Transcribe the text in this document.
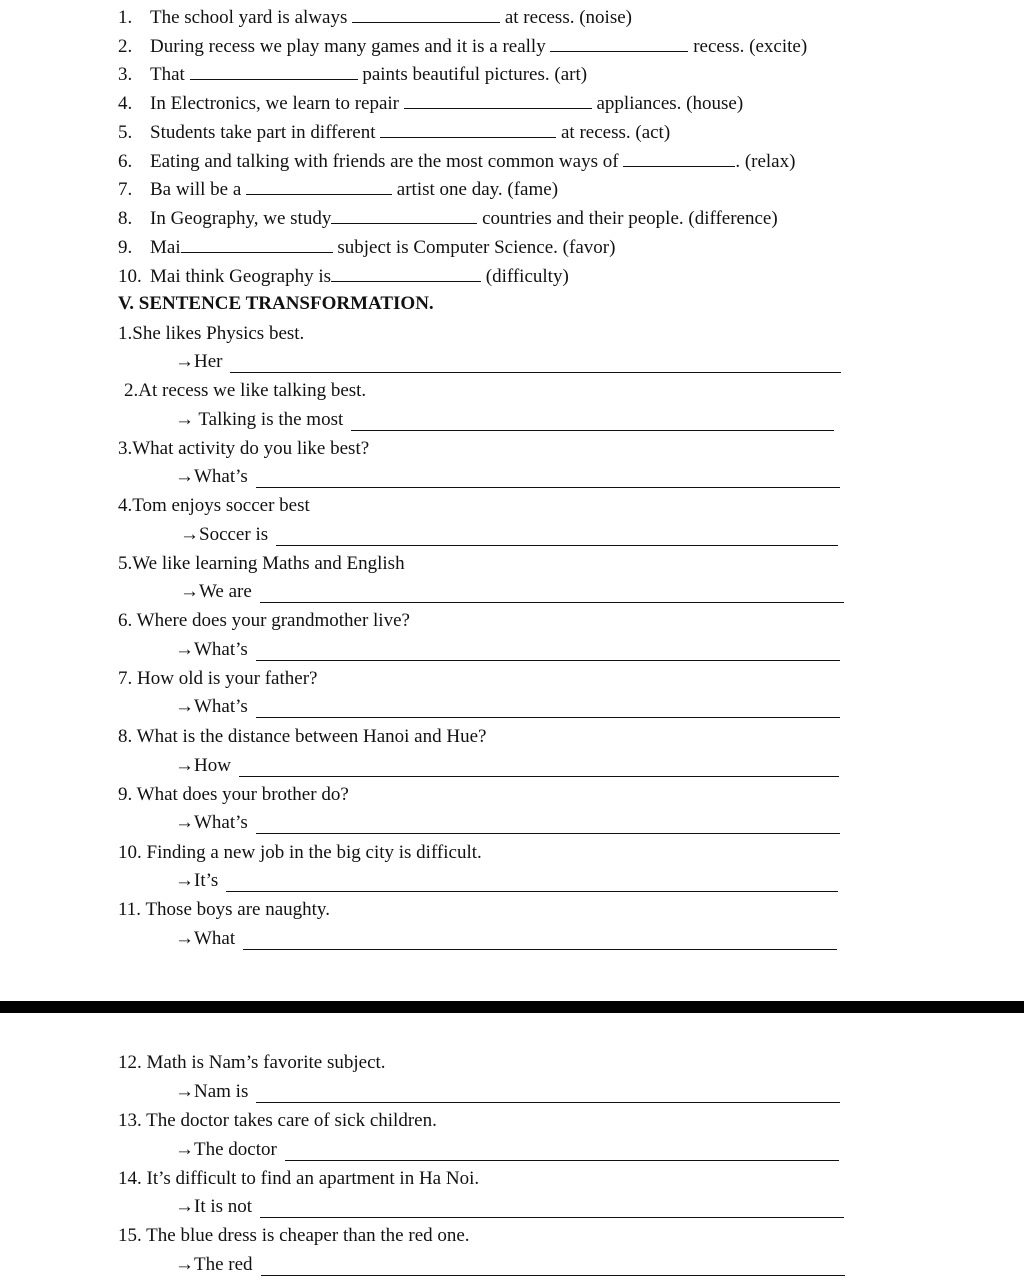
1. The school yard is always	at recess. (noise)
2. During recess we play many games and it is a really	recess. (excite)
3. That	paints beautiful pictures. (art)
4. In Electronics, we learn to repair	appliances. (house)
5. Students take part in different	at recess. (act)
6. Eating and talking with friends are the most common ways of	. (relax)
7. Ba will be a	artist one day. (fame)
8. In Geography, we study	countries and their people. (difference)
9. Mai	subject is Computer Science. (favor)
10. Mai think Geography is	(difficulty)
V. SENTENCE TRANSFORMATION.
1.She likes Physics best.
→Her
2.At recess we like talking best.
→ Talking is the most
3.What activity do you like best?
→What’s
4.Tom enjoys soccer best
→Soccer is
5.We like learning Maths and English
→We are
6. Where does your grandmother live?
→What’s
7. How old is your father?
→What’s
8. What is the distance between Hanoi and Hue?
→How
9. What does your brother do?
→What’s
10. Finding a new job in the big city is difficult.
→It’s
11. Those boys are naughty.
→What
12. Math is Nam’s favorite subject.
→Nam is
13. The doctor takes care of sick children.
→The doctor
14. It’s difficult to find an apartment in Ha Noi.
→It is not
15. The blue dress is cheaper than the red one.
→The red
